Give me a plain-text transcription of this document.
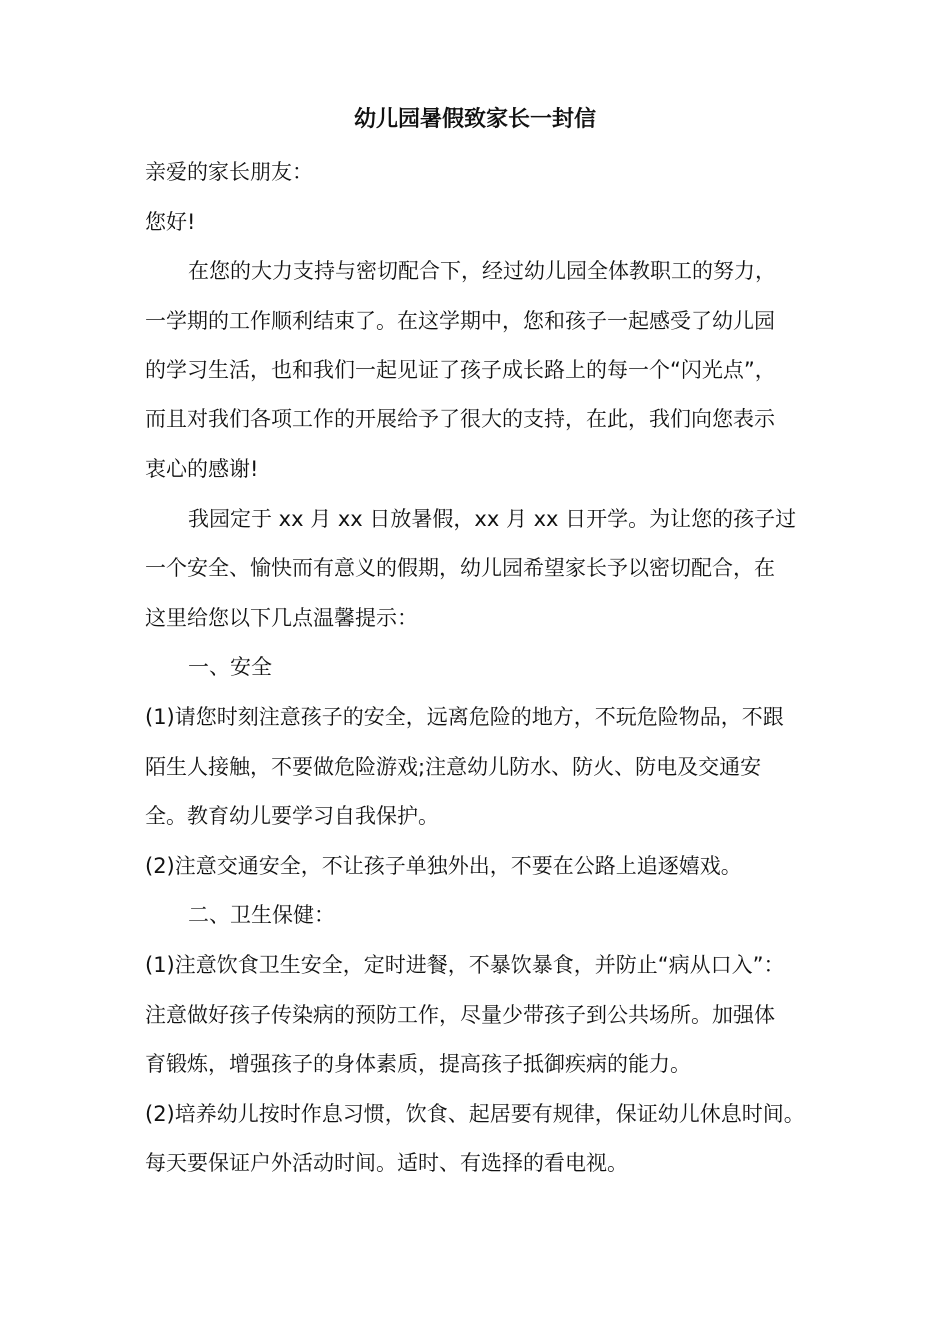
幼儿园暑假致家长一封信
亲爱的家长朋友：
您好!
在您的大力支持与密切配合下，经过幼儿园全体教职工的努力，
一学期的工作顺利结束了。在这学期中，您和孩子一起感受了幼儿园
的学习生活，也和我们一起见证了孩子成长路上的每一个“闪光点”，
而且对我们各项工作的开展给予了很大的支持，在此，我们向您表示
衷心的感谢!
我园定于 xx 月 xx 日放暑假，xx 月 xx 日开学。为让您的孩子过
一个安全、愉快而有意义的假期，幼儿园希望家长予以密切配合，在
这里给您以下几点温馨提示：
一、安全
(1)请您时刻注意孩子的安全，远离危险的地方，不玩危险物品，不跟
陌生人接触，不要做危险游戏;注意幼儿防水、防火、防电及交通安
全。教育幼儿要学习自我保护。
(2)注意交通安全，不让孩子单独外出，不要在公路上追逐嬉戏。
二、卫生保健：
(1)注意饮食卫生安全，定时进餐，不暴饮暴食，并防止“病从口入”：
注意做好孩子传染病的预防工作，尽量少带孩子到公共场所。加强体
育锻炼，增强孩子的身体素质，提高孩子抵御疾病的能力。
(2)培养幼儿按时作息习惯，饮食、起居要有规律，保证幼儿休息时间。
每天要保证户外活动时间。适时、有选择的看电视。
